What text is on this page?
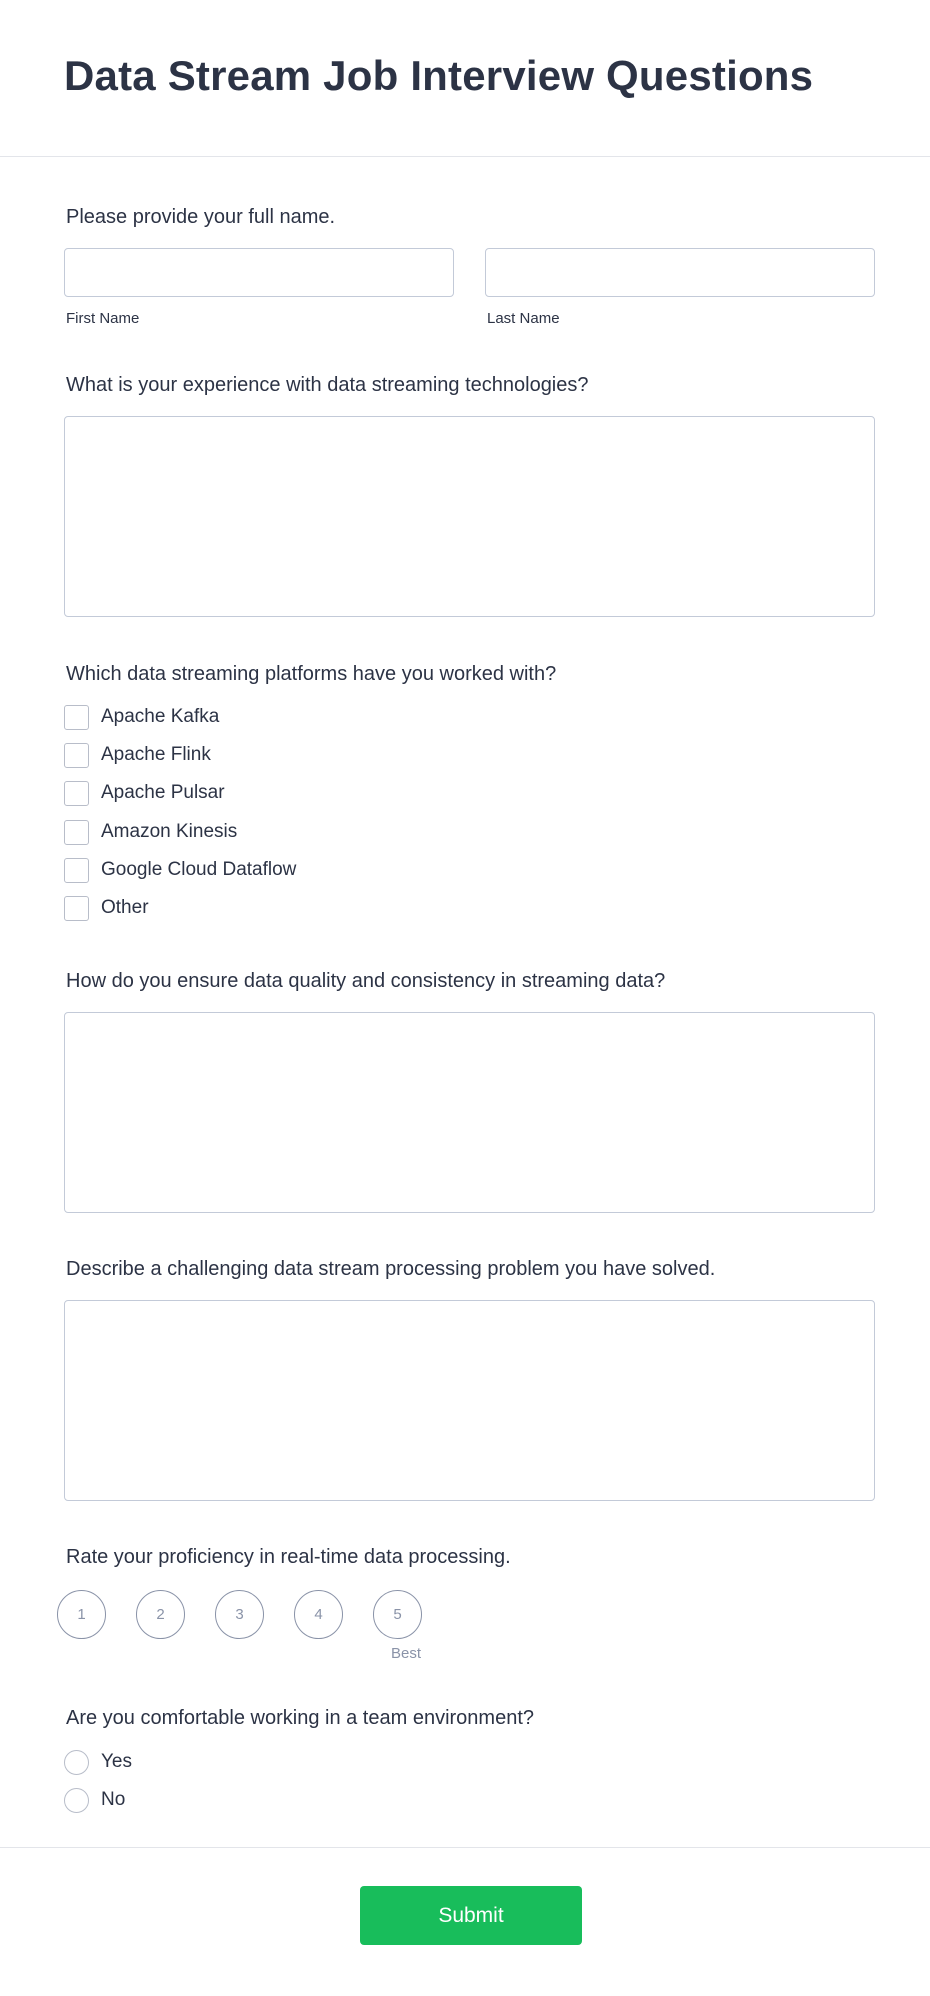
Data Stream Job Interview Questions
Please provide your full name.
First Name	Last Name
What is your experience with data streaming technologies?
Which data streaming platforms have you worked with?
Apache Kafka
Apache Flink
Apache Pulsar
Amazon Kinesis
Google Cloud Dataflow
Other
How do you ensure data quality and consistency in streaming data?
Describe a challenging data stream processing problem you have solved.
Rate your proficiency in real-time data processing.
1	2	3	4	5
Best
Are you comfortable working in a team environment?
Yes
No
Submit
